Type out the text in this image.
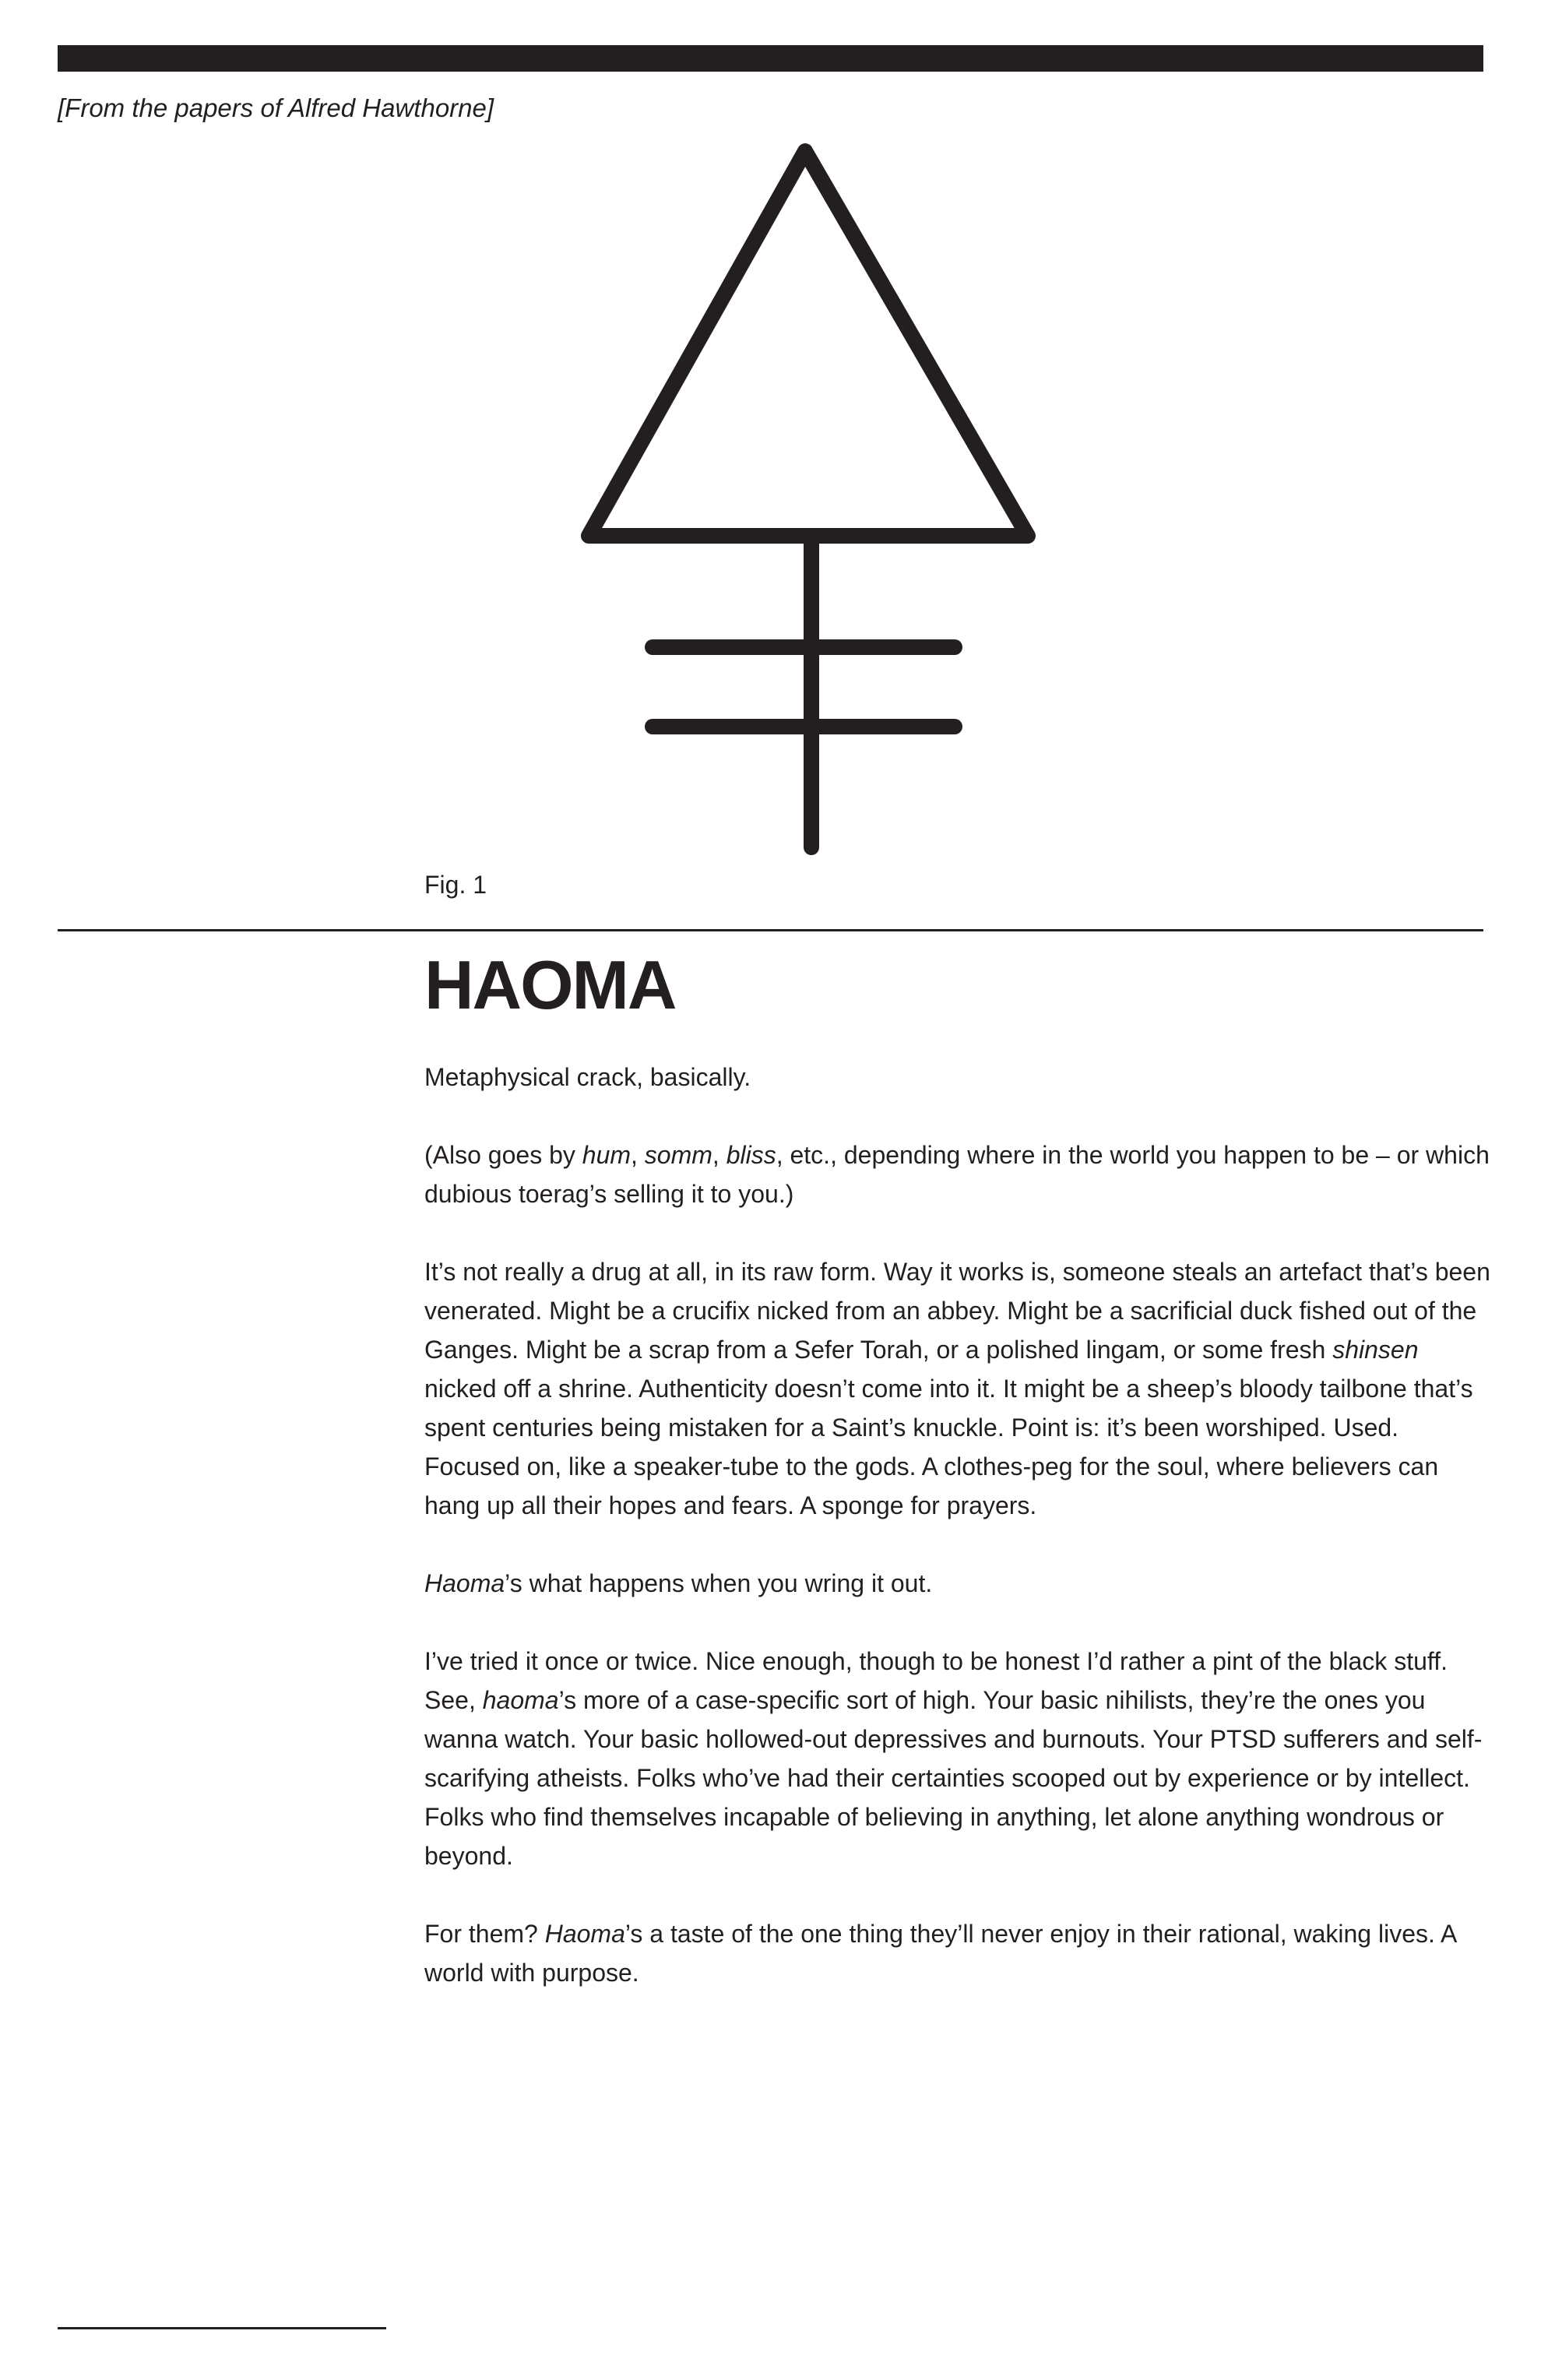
[From the papers of Alfred Hawthorne]
Fig. 1
HAOMA

Metaphysical crack, basically.

(Also goes by hum, somm, bliss, etc., depending where in the world you happen to be – or which dubious toerag’s selling it to you.)

It’s not really a drug at all, in its raw form. Way it works is, someone steals an artefact that’s been venerated. Might be a crucifix nicked from an abbey. Might be a sacrificial duck fished out of the Ganges. Might be a scrap from a Sefer Torah, or a polished lingam, or some fresh shinsen nicked off a shrine. Authenticity doesn’t come into it. It might be a sheep’s bloody tailbone that’s spent centuries being mistaken for a Saint’s knuckle. Point is: it’s been worshiped. Used. Focused on, like a speaker-tube to the gods. A clothes-peg for the soul, where believers can hang up all their hopes and fears. A sponge for prayers.

Haoma’s what happens when you wring it out.

I’ve tried it once or twice. Nice enough, though to be honest I’d rather a pint of the black stuff. See, haoma’s more of a case-specific sort of high. Your basic nihilists, they’re the ones you wanna watch. Your basic hollowed-out depressives and burnouts. Your PTSD sufferers and self-scarifying atheists. Folks who’ve had their certainties scooped out by experience or by intellect. Folks who find themselves incapable of believing in anything, let alone anything wondrous or beyond.

For them? Haoma’s a taste of the one thing they’ll never enjoy in their rational, waking lives. A world with purpose.
